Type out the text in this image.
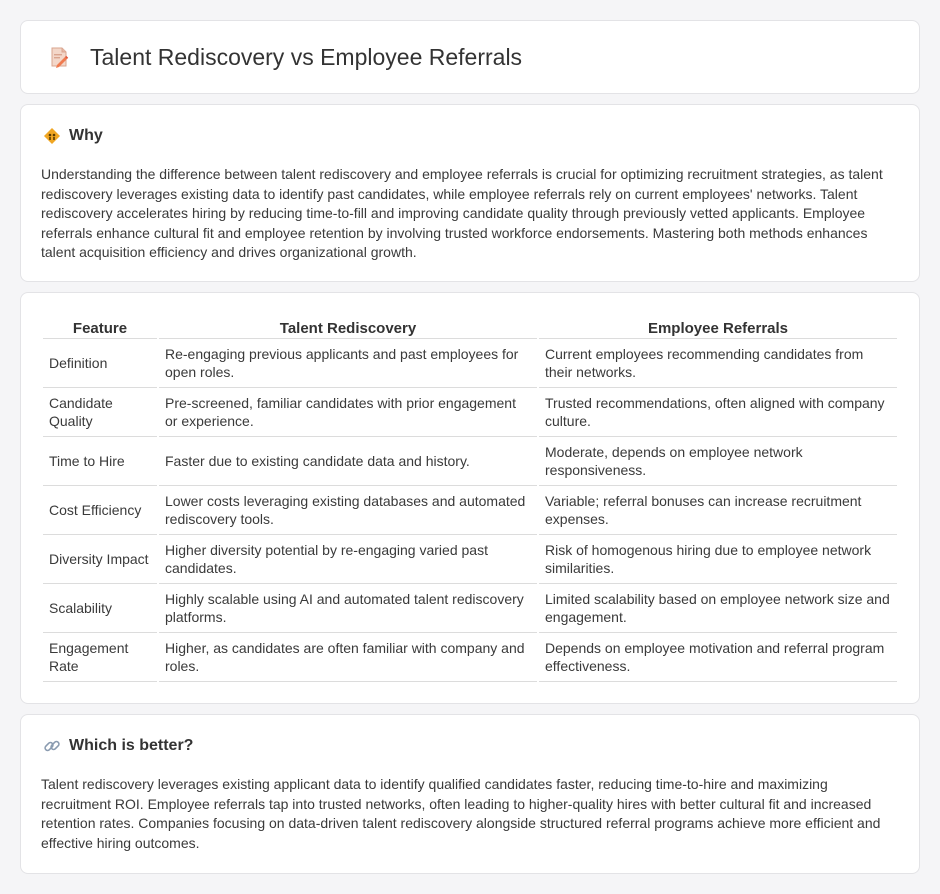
Talent Rediscovery vs Employee Referrals
Why

Understanding the difference between talent rediscovery and employee referrals is crucial for optimizing recruitment strategies, as talent rediscovery leverages existing data to identify past candidates, while employee referrals rely on current employees' networks. Talent rediscovery accelerates hiring by reducing time-to-fill and improving candidate quality through previously vetted applicants. Employee referrals enhance cultural fit and employee retention by involving trusted workforce endorsements. Mastering both methods enhances talent acquisition efficiency and drives organizational growth.

Feature	Talent Rediscovery	Employee Referrals
Definition	Re-engaging previous applicants and past employees for open roles.	Current employees recommending candidates from their networks.
Candidate Quality	Pre-screened, familiar candidates with prior engagement or experience.	Trusted recommendations, often aligned with company culture.
Time to Hire	Faster due to existing candidate data and history.	Moderate, depends on employee network responsiveness.
Cost Efficiency	Lower costs leveraging existing databases and automated rediscovery tools.	Variable; referral bonuses can increase recruitment expenses.
Diversity Impact	Higher diversity potential by re-engaging varied past candidates.	Risk of homogenous hiring due to employee network similarities.
Scalability	Highly scalable using AI and automated talent rediscovery platforms.	Limited scalability based on employee network size and engagement.
Engagement Rate	Higher, as candidates are often familiar with company and roles.	Depends on employee motivation and referral program effectiveness.
Which is better?

Talent rediscovery leverages existing applicant data to identify qualified candidates faster, reducing time-to-hire and maximizing recruitment ROI. Employee referrals tap into trusted networks, often leading to higher-quality hires with better cultural fit and increased retention rates. Companies focusing on data-driven talent rediscovery alongside structured referral programs achieve more efficient and effective hiring outcomes.
